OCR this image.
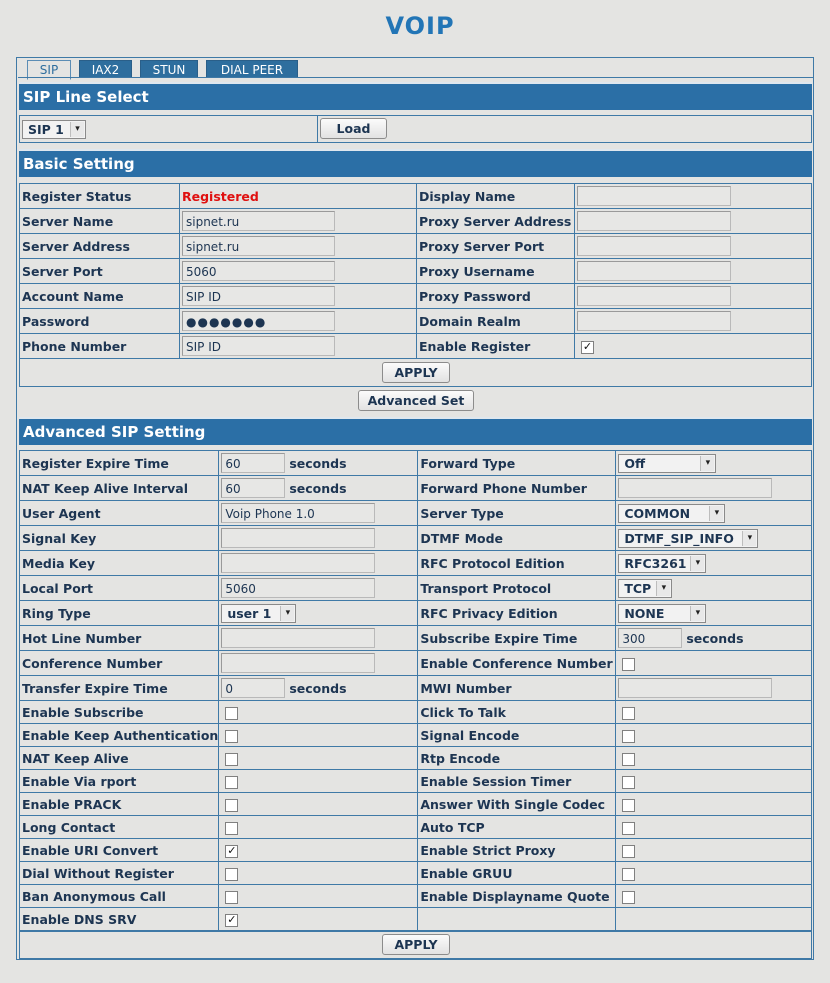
VOIP
SIP	IAX2	STUN	DIAL PEER
SIP Line Select
SIP 1	▾
		Load
Basic Setting
Register Status	Registered	Display Name	
Server Name	sipnet.ru	Proxy Server Address	
Server Address	sipnet.ru	Proxy Server Port	
Server Port	5060	Proxy Username	
Account Name	SIP ID	Proxy Password	
Password	●●●●●●●	Domain Realm	
Phone Number	SIP ID	Enable Register	✓
APPLY
Advanced Set
Advanced SIP Setting
Register Expire Time	60 seconds	Forward Type	Off ▾

NAT Keep Alive Interval	60 seconds	Forward Phone Number	
User Agent	Voip Phone 1.0	Server Type	COMMON ▾

Signal Key		DTMF Mode	DTMF_SIP_INFO ▾

Media Key		RFC Protocol Edition	RFC3261 ▾

Local Port	5060	Transport Protocol	TCP ▾

Ring Type	user 1 ▾	RFC Privacy Edition	NONE ▾

Hot Line Number		Subscribe Expire Time	300 seconds
Conference Number		Enable Conference Number	
Transfer Expire Time	0 seconds	MWI Number	
Enable Subscribe		Click To Talk	
Enable Keep Authentication		Signal Encode	
NAT Keep Alive		Rtp Encode	
Enable Via rport		Enable Session Timer	
Enable PRACK		Answer With Single Codec	
Long Contact		Auto TCP	
Enable URI Convert	✓	Enable Strict Proxy	
Dial Without Register		Enable GRUU	
Ban Anonymous Call		Enable Displayname Quote	
Enable DNS SRV	✓		
APPLY
